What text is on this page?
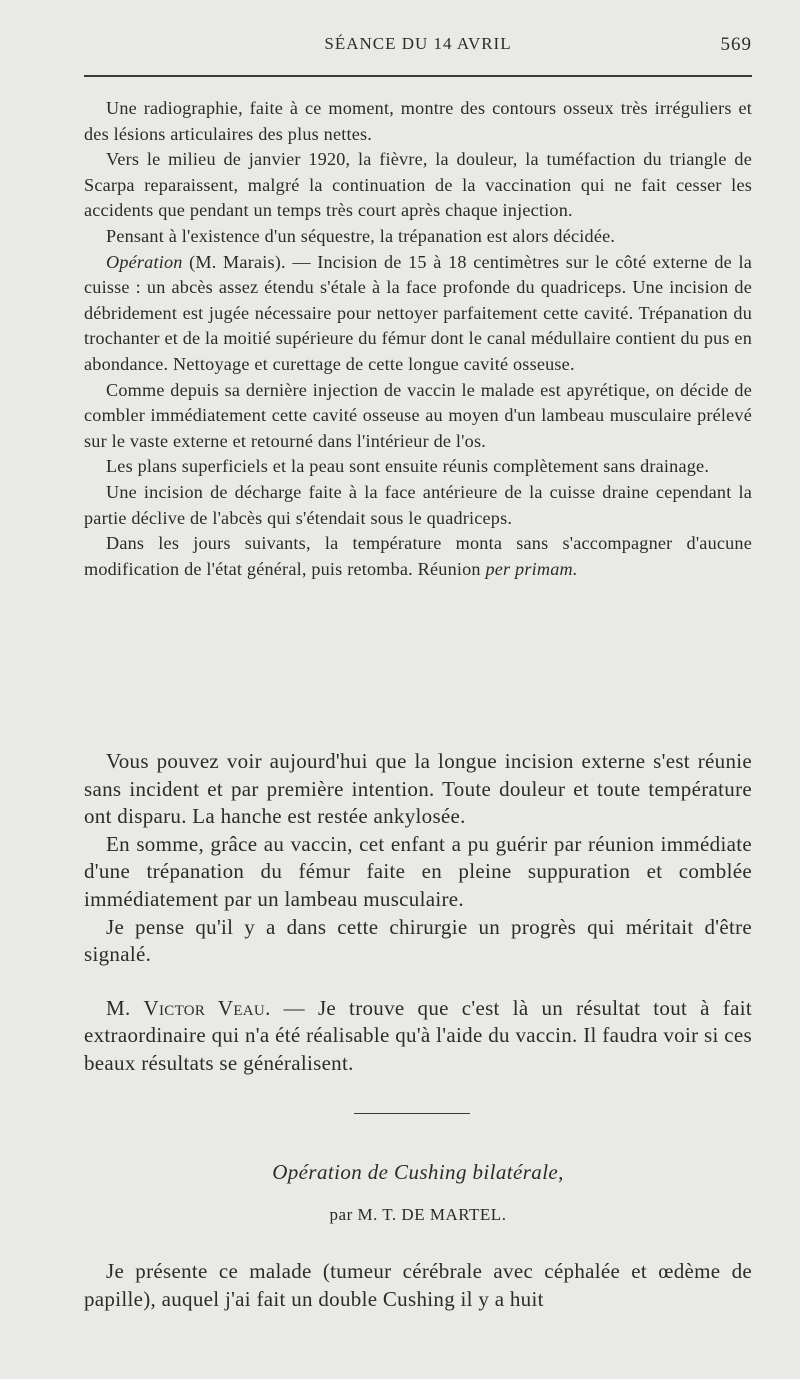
SÉANCE DU 14 AVRIL	569

Une radiographie, faite à ce moment, montre des contours osseux très irréguliers et des lésions articulaires des plus nettes.

Vers le milieu de janvier 1920, la fièvre, la douleur, la tuméfaction du triangle de Scarpa reparaissent, malgré la continuation de la vaccination qui ne fait cesser les accidents que pendant un temps très court après chaque injection.

Pensant à l'existence d'un séquestre, la trépanation est alors décidée.

Opération (M. Marais). — Incision de 15 à 18 centimètres sur le côté externe de la cuisse : un abcès assez étendu s'étale à la face profonde du quadriceps. Une incision de débridement est jugée nécessaire pour nettoyer parfaitement cette cavité. Trépanation du trochanter et de la moitié supérieure du fémur dont le canal médullaire contient du pus en abondance. Nettoyage et curettage de cette longue cavité osseuse.

Comme depuis sa dernière injection de vaccin le malade est apyrétique, on décide de combler immédiatement cette cavité osseuse au moyen d'un lambeau musculaire prélevé sur le vaste externe et retourné dans l'intérieur de l'os.

Les plans superficiels et la peau sont ensuite réunis complètement sans drainage.

Une incision de décharge faite à la face antérieure de la cuisse draine cependant la partie déclive de l'abcès qui s'étendait sous le quadriceps.

Dans les jours suivants, la température monta sans s'accompagner d'aucune modification de l'état général, puis retomba. Réunion per primam.

Vous pouvez voir aujourd'hui que la longue incision externe s'est réunie sans incident et par première intention. Toute douleur et toute température ont disparu. La hanche est restée ankylosée.

En somme, grâce au vaccin, cet enfant a pu guérir par réunion immédiate d'une trépanation du fémur faite en pleine suppuration et comblée immédiatement par un lambeau musculaire.

Je pense qu'il y a dans cette chirurgie un progrès qui méritait d'être signalé.

M. Victor Veau. — Je trouve que c'est là un résultat tout à fait extraordinaire qui n'a été réalisable qu'à l'aide du vaccin. Il faudra voir si ces beaux résultats se généralisent.

Opération de Cushing bilatérale,
par M. T. DE MARTEL.

Je présente ce malade (tumeur cérébrale avec céphalée et œdème de papille), auquel j'ai fait un double Cushing il y a huit
